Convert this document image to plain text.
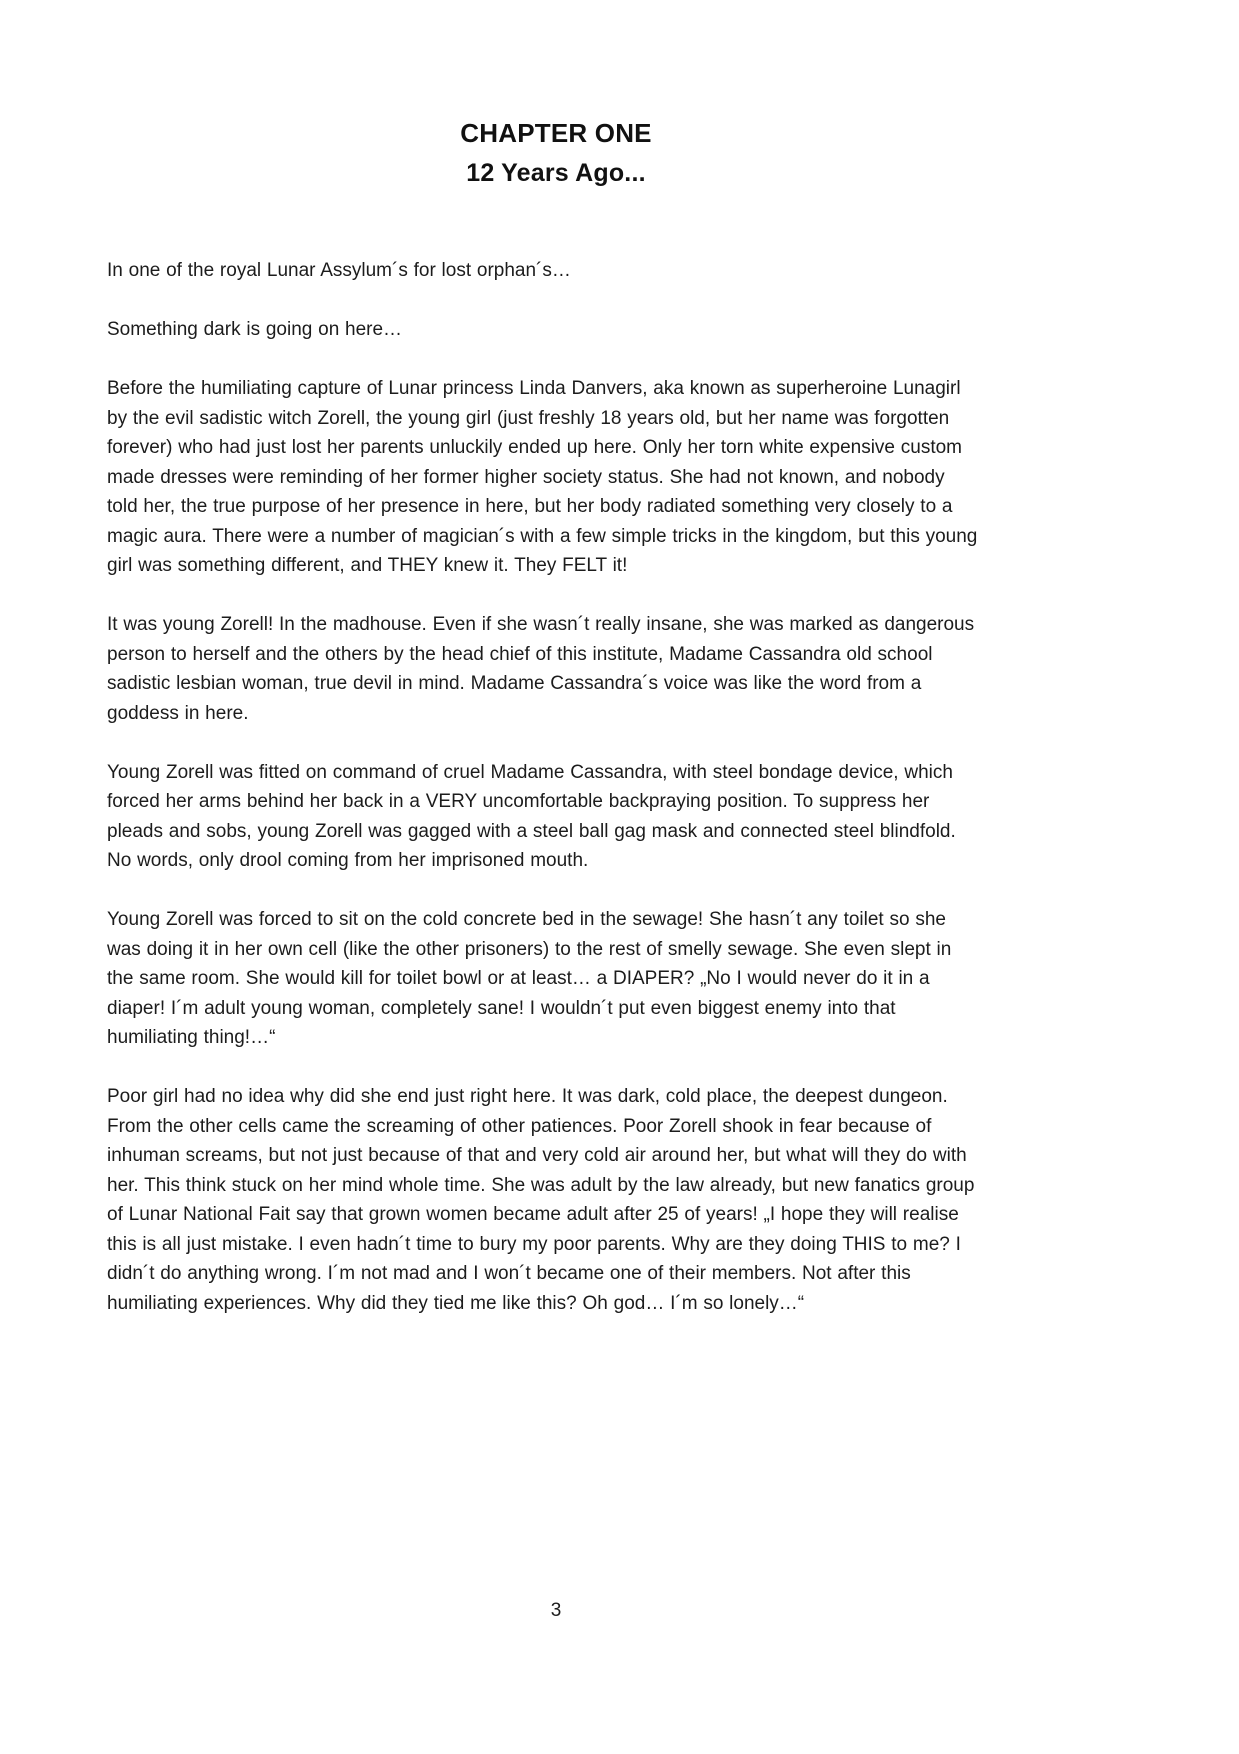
CHAPTER ONE
12 Years Ago...

In one of the royal Lunar Assylum´s for lost orphan´s…

Something dark is going on here…

Before the humiliating capture of Lunar princess Linda Danvers, aka known as superheroine Lunagirl by the evil sadistic witch Zorell, the young girl (just freshly 18 years old, but her name was forgotten forever) who had just lost her parents unluckily ended up here. Only her torn white expensive custom made dresses were reminding of her former higher society status. She had not known, and nobody told her, the true purpose of her presence in here, but her body radiated something very closely to a magic aura. There were a number of magician´s with a few simple tricks in the kingdom, but this young girl was something different, and THEY knew it. They FELT it!

It was young Zorell! In the madhouse. Even if she wasn´t really insane, she was marked as dangerous person to herself and the others by the head chief of this institute, Madame Cassandra old school sadistic lesbian woman, true devil in mind. Madame Cassandra´s voice was like the word from a goddess in here.

Young Zorell was fitted on command of cruel Madame Cassandra, with steel bondage device, which forced her arms behind her back in a VERY uncomfortable backpraying position. To suppress her pleads and sobs, young Zorell was gagged with a steel ball gag mask and connected steel blindfold. No words, only drool coming from her imprisoned mouth.

Young Zorell was forced to sit on the cold concrete bed in the sewage! She hasn´t any toilet so she was doing it in her own cell (like the other prisoners) to the rest of smelly sewage. She even slept in the same room. She would kill for toilet bowl or at least… a DIAPER? „No I would never do it in a diaper! I´m adult young woman, completely sane! I wouldn´t put even biggest enemy into that humiliating thing!…“

Poor girl had no idea why did she end just right here. It was dark, cold place, the deepest dungeon. From the other cells came the screaming of other patiences. Poor Zorell shook in fear because of inhuman screams, but not just because of that and very cold air around her, but what will they do with her. This think stuck on her mind whole time. She was adult by the law already, but new fanatics group of Lunar National Fait say that grown women became adult after 25 of years! „I hope they will realise this is all just mistake. I even hadn´t time to bury my poor parents. Why are they doing THIS to me? I didn´t do anything wrong. I´m not mad and I won´t became one of their members. Not after this humiliating experiences. Why did they tied me like this? Oh god… I´m so lonely…“

3
